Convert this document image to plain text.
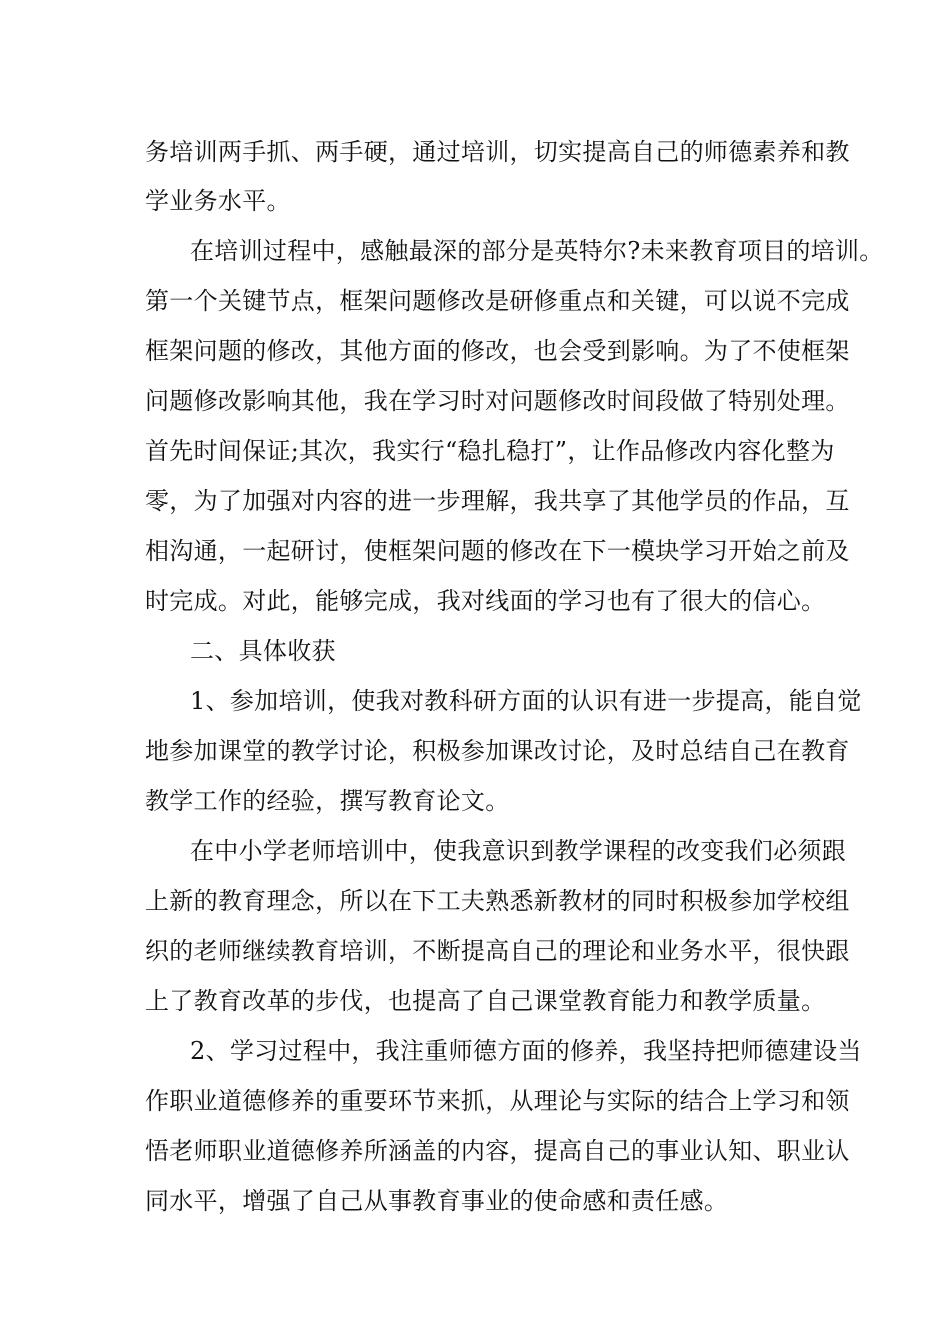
务培训两手抓、两手硬，通过培训，切实提高自己的师德素养和教
学业务水平。
在培训过程中，感触最深的部分是英特尔?未来教育项目的培训。
第一个关键节点，框架问题修改是研修重点和关键，可以说不完成
框架问题的修改，其他方面的修改，也会受到影响。为了不使框架
问题修改影响其他，我在学习时对问题修改时间段做了特别处理。
首先时间保证;其次，我实行“稳扎稳打”，让作品修改内容化整为
零，为了加强对内容的进一步理解，我共享了其他学员的作品，互
相沟通，一起研讨，使框架问题的修改在下一模块学习开始之前及
时完成。对此，能够完成，我对线面的学习也有了很大的信心。
二、具体收获
1、参加培训，使我对教科研方面的认识有进一步提高，能自觉
地参加课堂的教学讨论，积极参加课改讨论，及时总结自己在教育
教学工作的经验，撰写教育论文。
在中小学老师培训中，使我意识到教学课程的改变我们必须跟
上新的教育理念，所以在下工夫熟悉新教材的同时积极参加学校组
织的老师继续教育培训，不断提高自己的理论和业务水平，很快跟
上了教育改革的步伐，也提高了自己课堂教育能力和教学质量。
2、学习过程中，我注重师德方面的修养，我坚持把师德建设当
作职业道德修养的重要环节来抓，从理论与实际的结合上学习和领
悟老师职业道德修养所涵盖的内容，提高自己的事业认知、职业认
同水平，增强了自己从事教育事业的使命感和责任感。
